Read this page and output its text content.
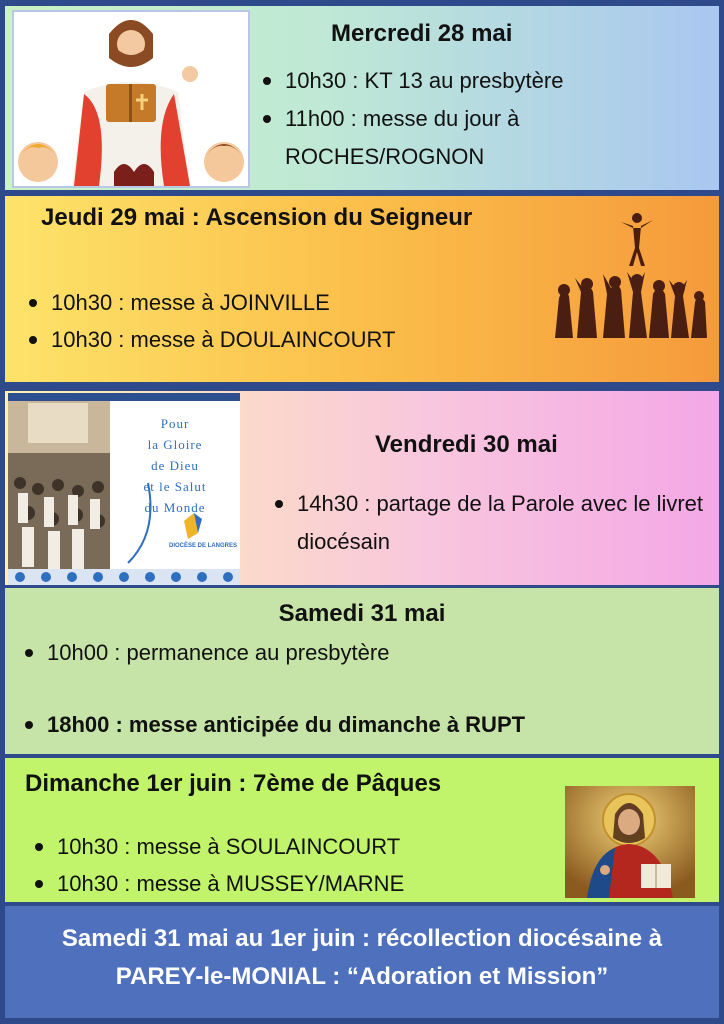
Mercredi 28 mai
10h30 : KT 13 au presbytère
11h00 : messe du jour à ROCHES/ROGNON
Jeudi 29 mai : Ascension du Seigneur
10h30 : messe à JOINVILLE
10h30 : messe à DOULAINCOURT
Pour
la Gloire
de Dieu
et le Salut
du Monde
DIOCÈSE DE LANGRES
Vendredi 30 mai
14h30 : partage de la Parole avec le livret diocésain
Samedi 31 mai
10h00 : permanence au presbytère
18h00 : messe anticipée du dimanche à RUPT
Dimanche 1er juin : 7ème de Pâques
10h30 : messe à SOULAINCOURT
10h30 : messe à MUSSEY/MARNE
Samedi 31 mai au 1er juin : récollection diocésaine à
PAREY-le-MONIAL : “Adoration et Mission”
